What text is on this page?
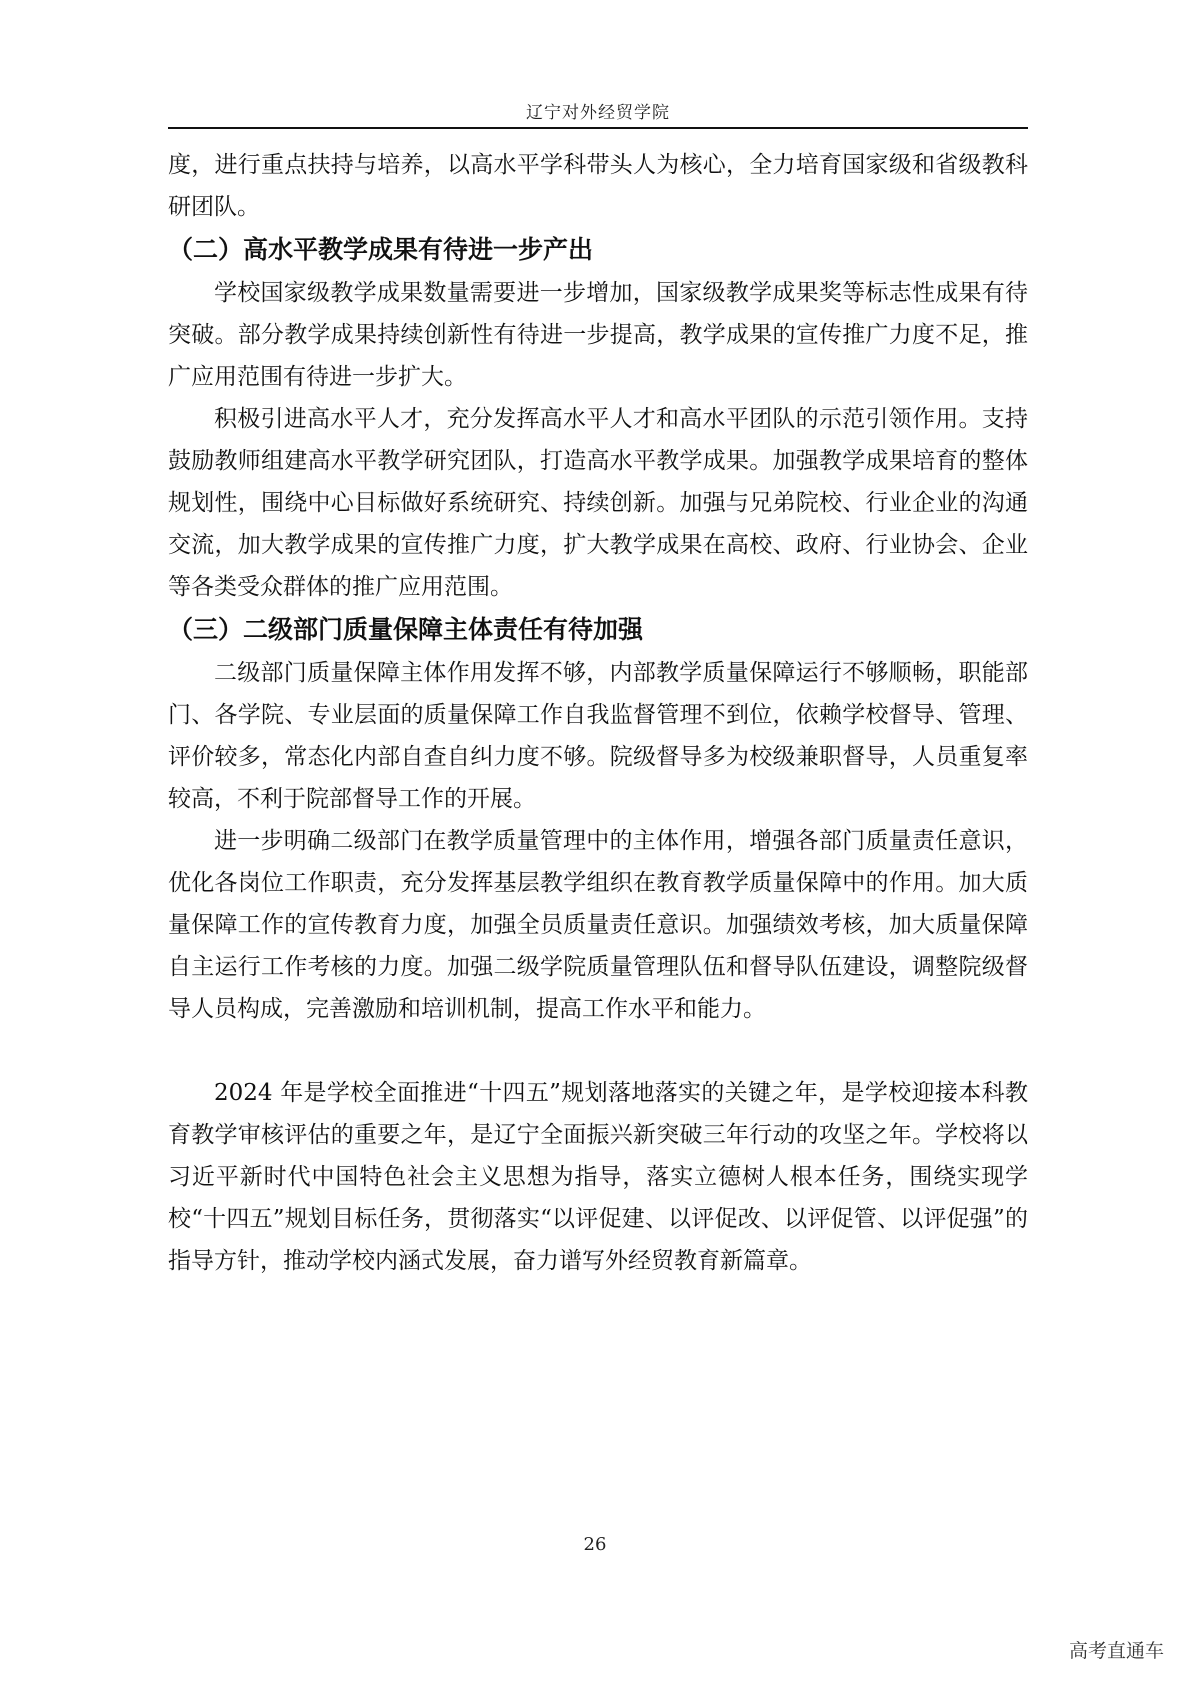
辽宁对外经贸学院

度，进行重点扶持与培养，以高水平学科带头人为核心，全力培育国家级和省级教科研团队。

（二）高水平教学成果有待进一步产出

学校国家级教学成果数量需要进一步增加，国家级教学成果奖等标志性成果有待突破。部分教学成果持续创新性有待进一步提高，教学成果的宣传推广力度不足，推广应用范围有待进一步扩大。

积极引进高水平人才，充分发挥高水平人才和高水平团队的示范引领作用。支持鼓励教师组建高水平教学研究团队，打造高水平教学成果。加强教学成果培育的整体规划性，围绕中心目标做好系统研究、持续创新。加强与兄弟院校、行业企业的沟通交流，加大教学成果的宣传推广力度，扩大教学成果在高校、政府、行业协会、企业等各类受众群体的推广应用范围。

（三）二级部门质量保障主体责任有待加强

二级部门质量保障主体作用发挥不够，内部教学质量保障运行不够顺畅，职能部门、各学院、专业层面的质量保障工作自我监督管理不到位，依赖学校督导、管理、评价较多，常态化内部自查自纠力度不够。院级督导多为校级兼职督导，人员重复率较高，不利于院部督导工作的开展。

进一步明确二级部门在教学质量管理中的主体作用，增强各部门质量责任意识，优化各岗位工作职责，充分发挥基层教学组织在教育教学质量保障中的作用。加大质量保障工作的宣传教育力度，加强全员质量责任意识。加强绩效考核，加大质量保障自主运行工作考核的力度。加强二级学院质量管理队伍和督导队伍建设，调整院级督导人员构成，完善激励和培训机制，提高工作水平和能力。

2024 年是学校全面推进“十四五”规划落地落实的关键之年，是学校迎接本科教育教学审核评估的重要之年，是辽宁全面振兴新突破三年行动的攻坚之年。学校将以习近平新时代中国特色社会主义思想为指导，落实立德树人根本任务，围绕实现学校“十四五”规划目标任务，贯彻落实“以评促建、以评促改、以评促管、以评促强”的指导方针，推动学校内涵式发展，奋力谱写外经贸教育新篇章。

26
高考直通车
